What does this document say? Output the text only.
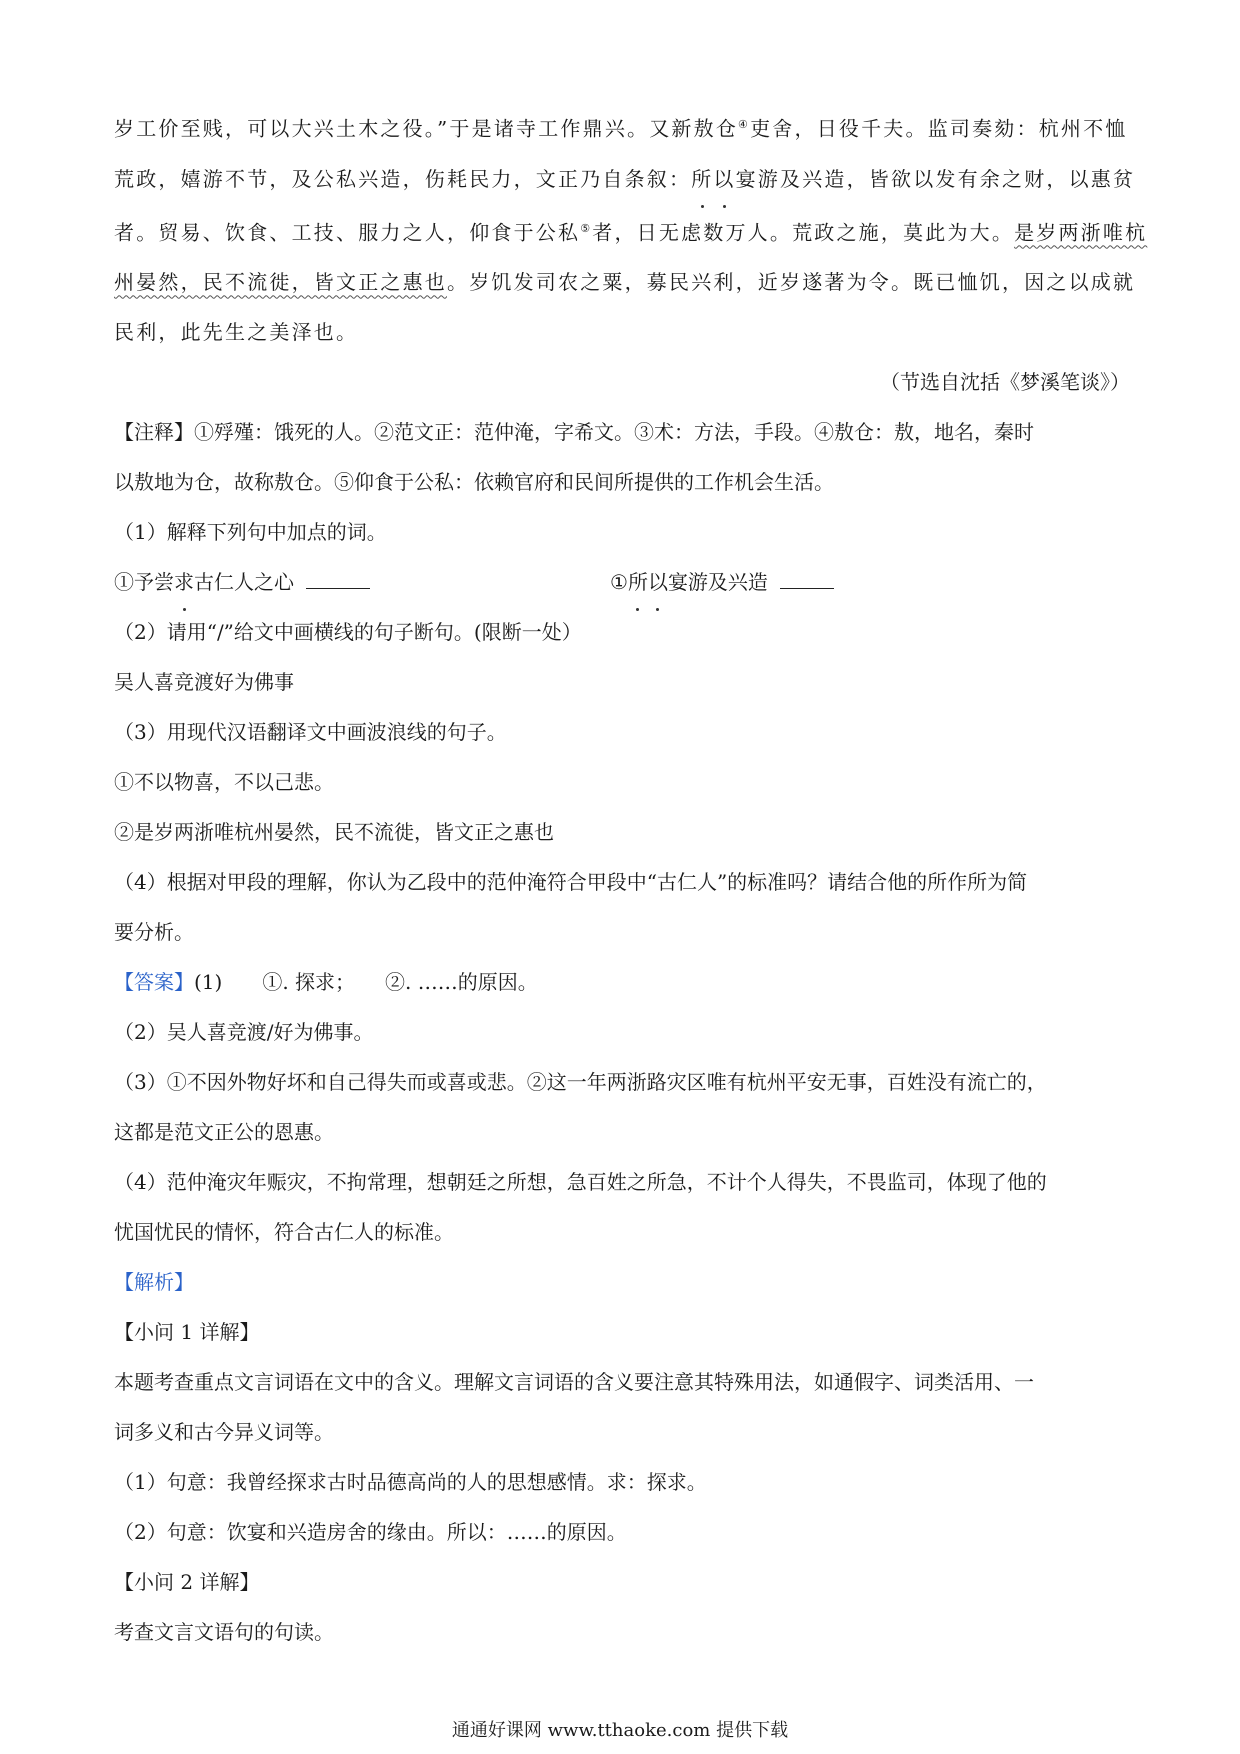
岁工价至贱，可以大兴土木之役。”于是诸寺工作鼎兴。又新敖仓④吏舍，日役千夫。监司奏劾：杭州不恤
荒政，嬉游不节，及公私兴造，伤耗民力，文正乃自条叙：所以宴游及兴造，皆欲以发有余之财，以惠贫
者。贸易、饮食、工技、服力之人，仰食于公私⑤者，日无虑数万人。荒政之施，莫此为大。是岁两浙唯杭
州晏然，民不流徙，皆文正之惠也。岁饥发司农之粟，募民兴利，近岁遂著为令。既已恤饥，因之以成就
民利，此先生之美泽也。
（节选自沈括《梦溪笔谈》）
【注释】①殍殣：饿死的人。②范文正：范仲淹，字希文。③术：方法，手段。④敖仓：敖，地名，秦时
以敖地为仓，故称敖仓。⑤仰食于公私：依赖官府和民间所提供的工作机会生活。
（1）解释下列句中加点的词。
①予尝求古仁人之心	①所以宴游及兴造
（2）请用“/”给文中画横线的句子断句。(限断一处）
吴人喜竞渡好为佛事
（3）用现代汉语翻译文中画波浪线的句子。
①不以物喜，不以己悲。
②是岁两浙唯杭州晏然，民不流徙，皆文正之惠也
（4）根据对甲段的理解，你认为乙段中的范仲淹符合甲段中“古仁人”的标准吗？请结合他的所作所为简
要分析。
【答案】(1)　　①. 探求；　　②. ……的原因。
（2）吴人喜竞渡/好为佛事。
（3）①不因外物好坏和自己得失而或喜或悲。②这一年两浙路灾区唯有杭州平安无事，百姓没有流亡的，
这都是范文正公的恩惠。
（4）范仲淹灾年赈灾，不拘常理，想朝廷之所想，急百姓之所急，不计个人得失，不畏监司，体现了他的
忧国忧民的情怀，符合古仁人的标准。
【解析】
【小问 1 详解】
本题考查重点文言词语在文中的含义。理解文言词语的含义要注意其特殊用法，如通假字、词类活用、一
词多义和古今异义词等。
（1）句意：我曾经探求古时品德高尚的人的思想感情。求：探求。
（2）句意：饮宴和兴造房舍的缘由。所以：……的原因。
【小问 2 详解】
考查文言文语句的句读。
通通好课网 www.tthaoke.com 提供下载
